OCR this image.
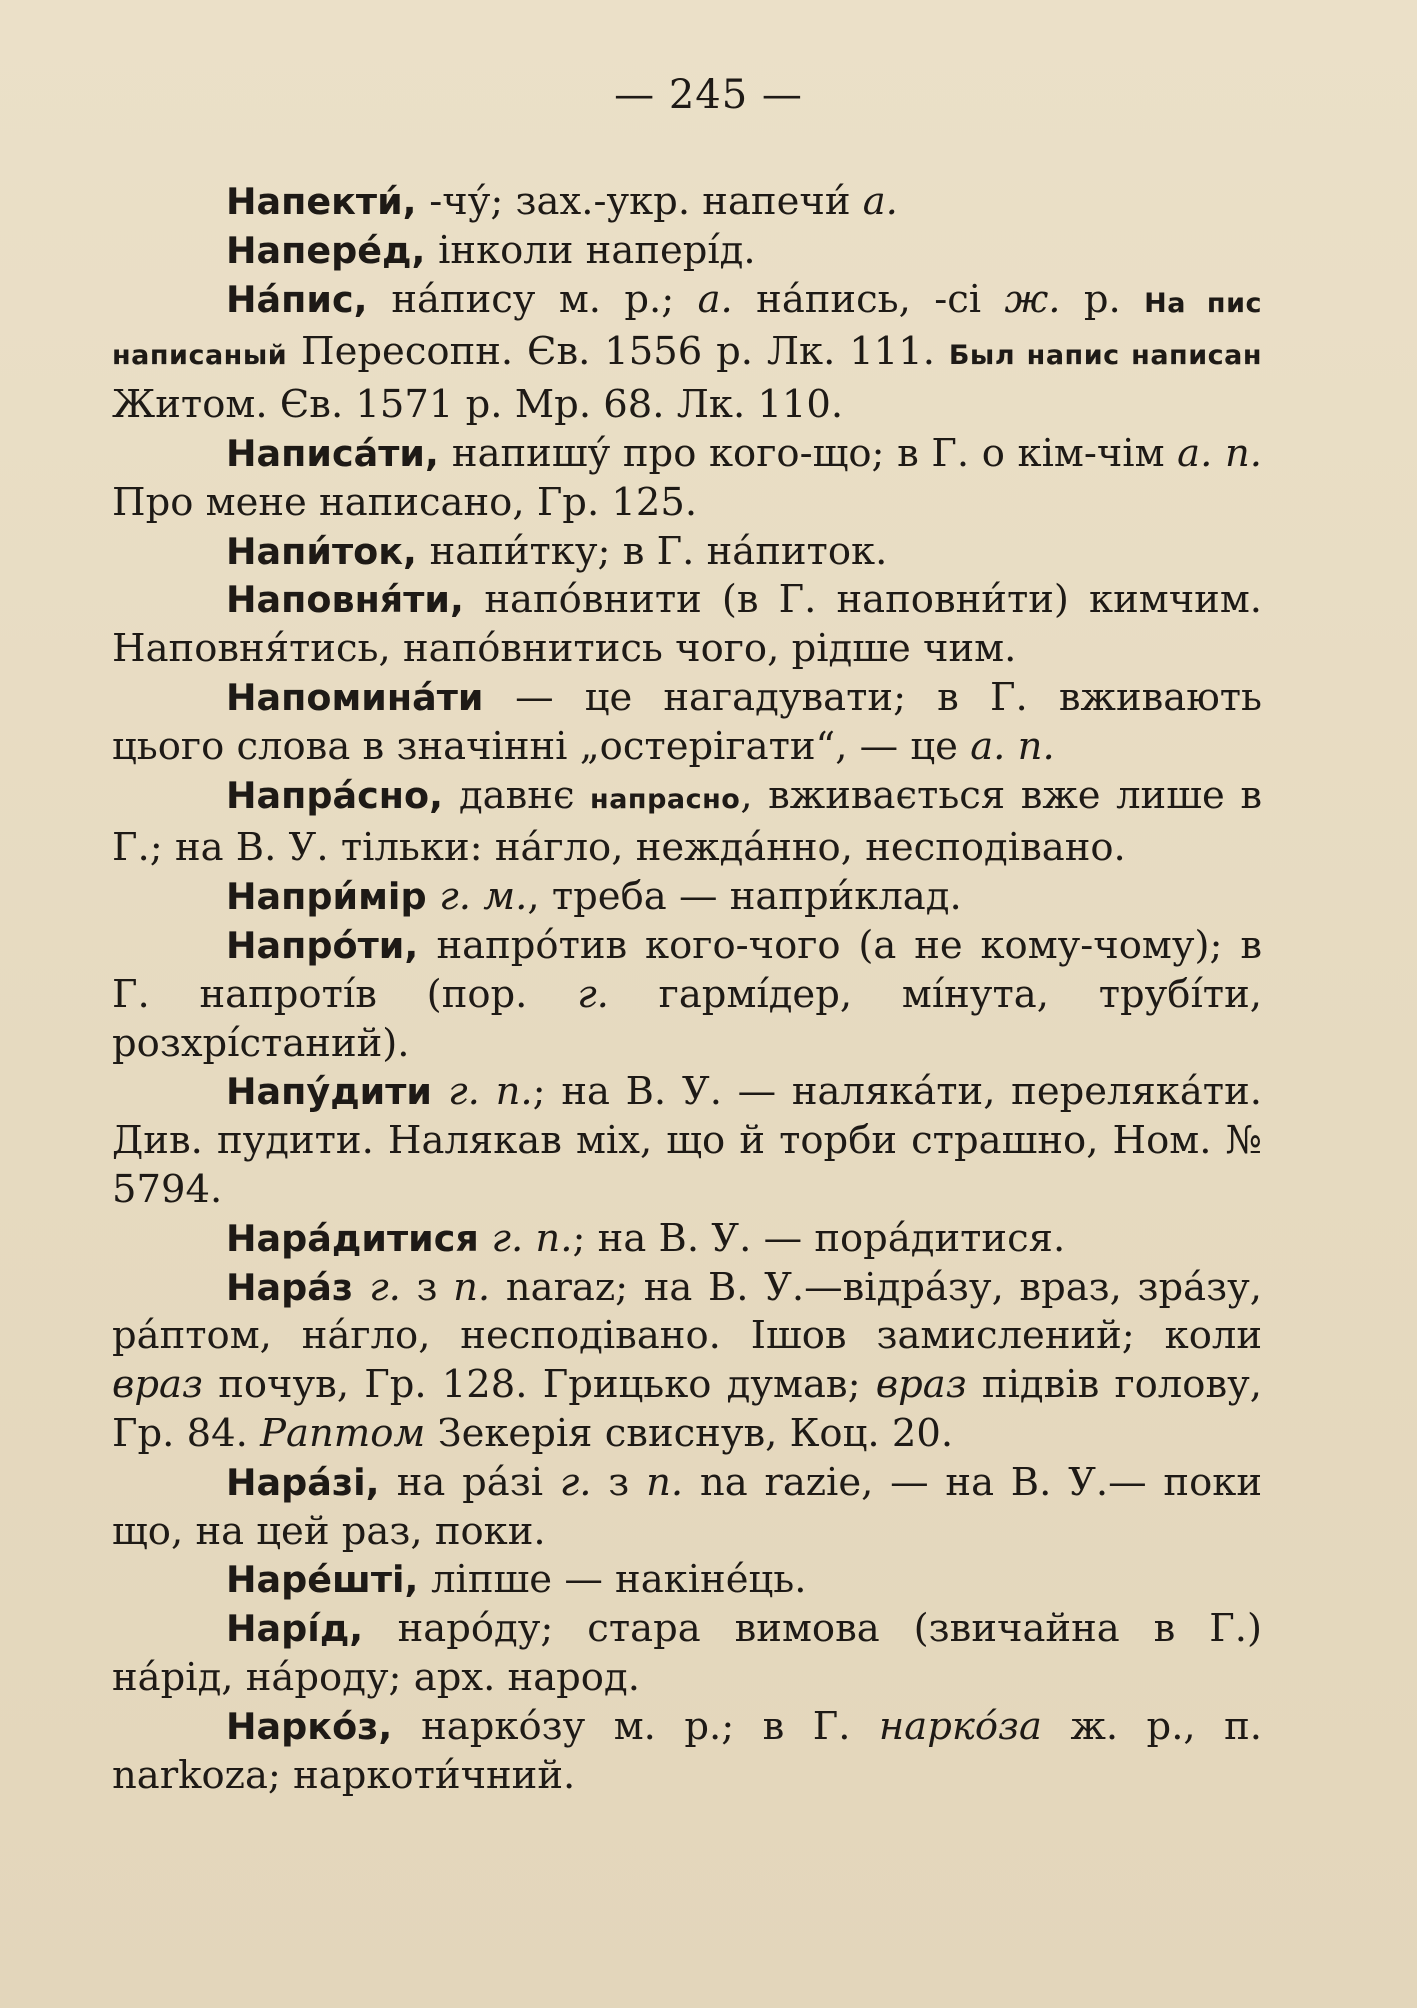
— 245 —

Напекти́, -чу́; зах.-укр. напечи́ а.

Напере́д, інколи напері́д.

На́пис, на́пису м. р.; а. на́пись, -сі ж. р. На пис написаный Пересопн. Єв. 1556 р. Лк. 111. Был напис написан Житом. Єв. 1571 р. Мр. 68. Лк. 110.

Написа́ти, напишу́ про кого-що; в Г. о кім-чім а. п. Про мене написано, Гр. 125.

Напи́ток, напи́тку; в Г. на́питок.

Наповня́ти, напо́внити (в Г. наповни́ти) кимчим. Наповня́тись, напо́внитись чого, рідше чим.

Напомина́ти — це нагадувати; в Г. вживають цього слова в значінні „остерігати“, — це а. п.

Напра́сно, давнє напрасно, вживається вже лише в Г.; на В. У. тільки: на́гло, нежда́нно, несподівано.

Напри́мір г. м., треба — напри́клад.

Напро́ти, напро́тив кого-чого (а не кому-чому); в Г. напроті́в (пор. г. гармі́дер, мі́нута, трубі́ти, розхрі́станий).

Напу́дити г. п.; на В. У. — наляка́ти, переляка́ти. Див. пудити. Налякав міх, що й торби страшно, Ном. № 5794.

Нара́дитися г. п.; на В. У. — пора́дитися.

Нара́з г. з п. naraz; на В. У.—відра́зу, враз, зра́зу, ра́птом, на́гло, несподівано. Ішов замислений; коли враз почув, Гр. 128. Грицько думав; враз підвів голову, Гр. 84. Раптом Зекерія свиснув, Коц. 20.

Нара́зі, на ра́зі г. з п. na razie, — на В. У.— поки що, на цей раз, поки.

Наре́шті, ліпше — накіне́ць.

Нарі́д, наро́ду; стара вимова (звичайна в Г.) на́рід, на́роду; арх. народ.

Нарко́з, нарко́зу м. р.; в Г. нарко́за ж. р., п. narkoza; наркоти́чний.
